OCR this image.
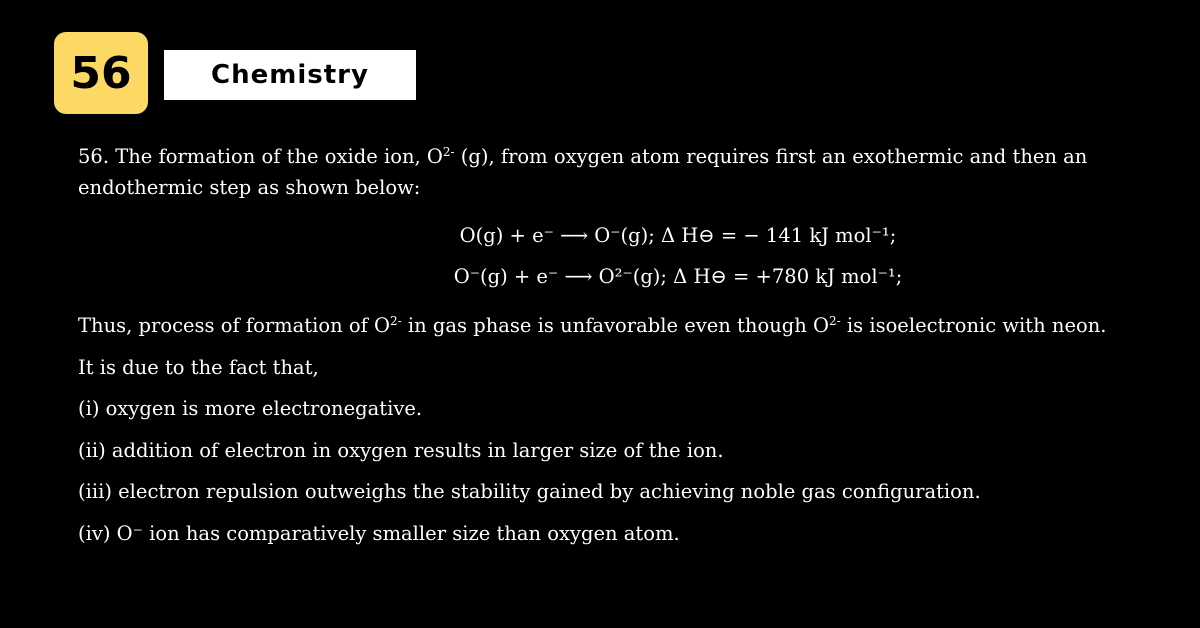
56	Chemistry

56. The formation of the oxide ion, $O^{2-}$ (g), from oxygen atom requires first an exothermic and then an endothermic step as shown below:

O(g) + e⁻ ⟶ O⁻(g); Δ H⊖ = − 141 kJ mol⁻¹;
O⁻(g) + e⁻ ⟶ O²⁻(g); Δ H⊖ = +780 kJ mol⁻¹;
Thus, process of formation of $O^{2-}$ in gas phase is unfavorable even though $O^{2-}$ is isoelectronic with neon.
It is due to the fact that,
(i) oxygen is more electronegative.
(ii) addition of electron in oxygen results in larger size of the ion.
(iii) electron repulsion outweighs the stability gained by achieving noble gas configuration.
(iv) O⁻ ion has comparatively smaller size than oxygen atom.
